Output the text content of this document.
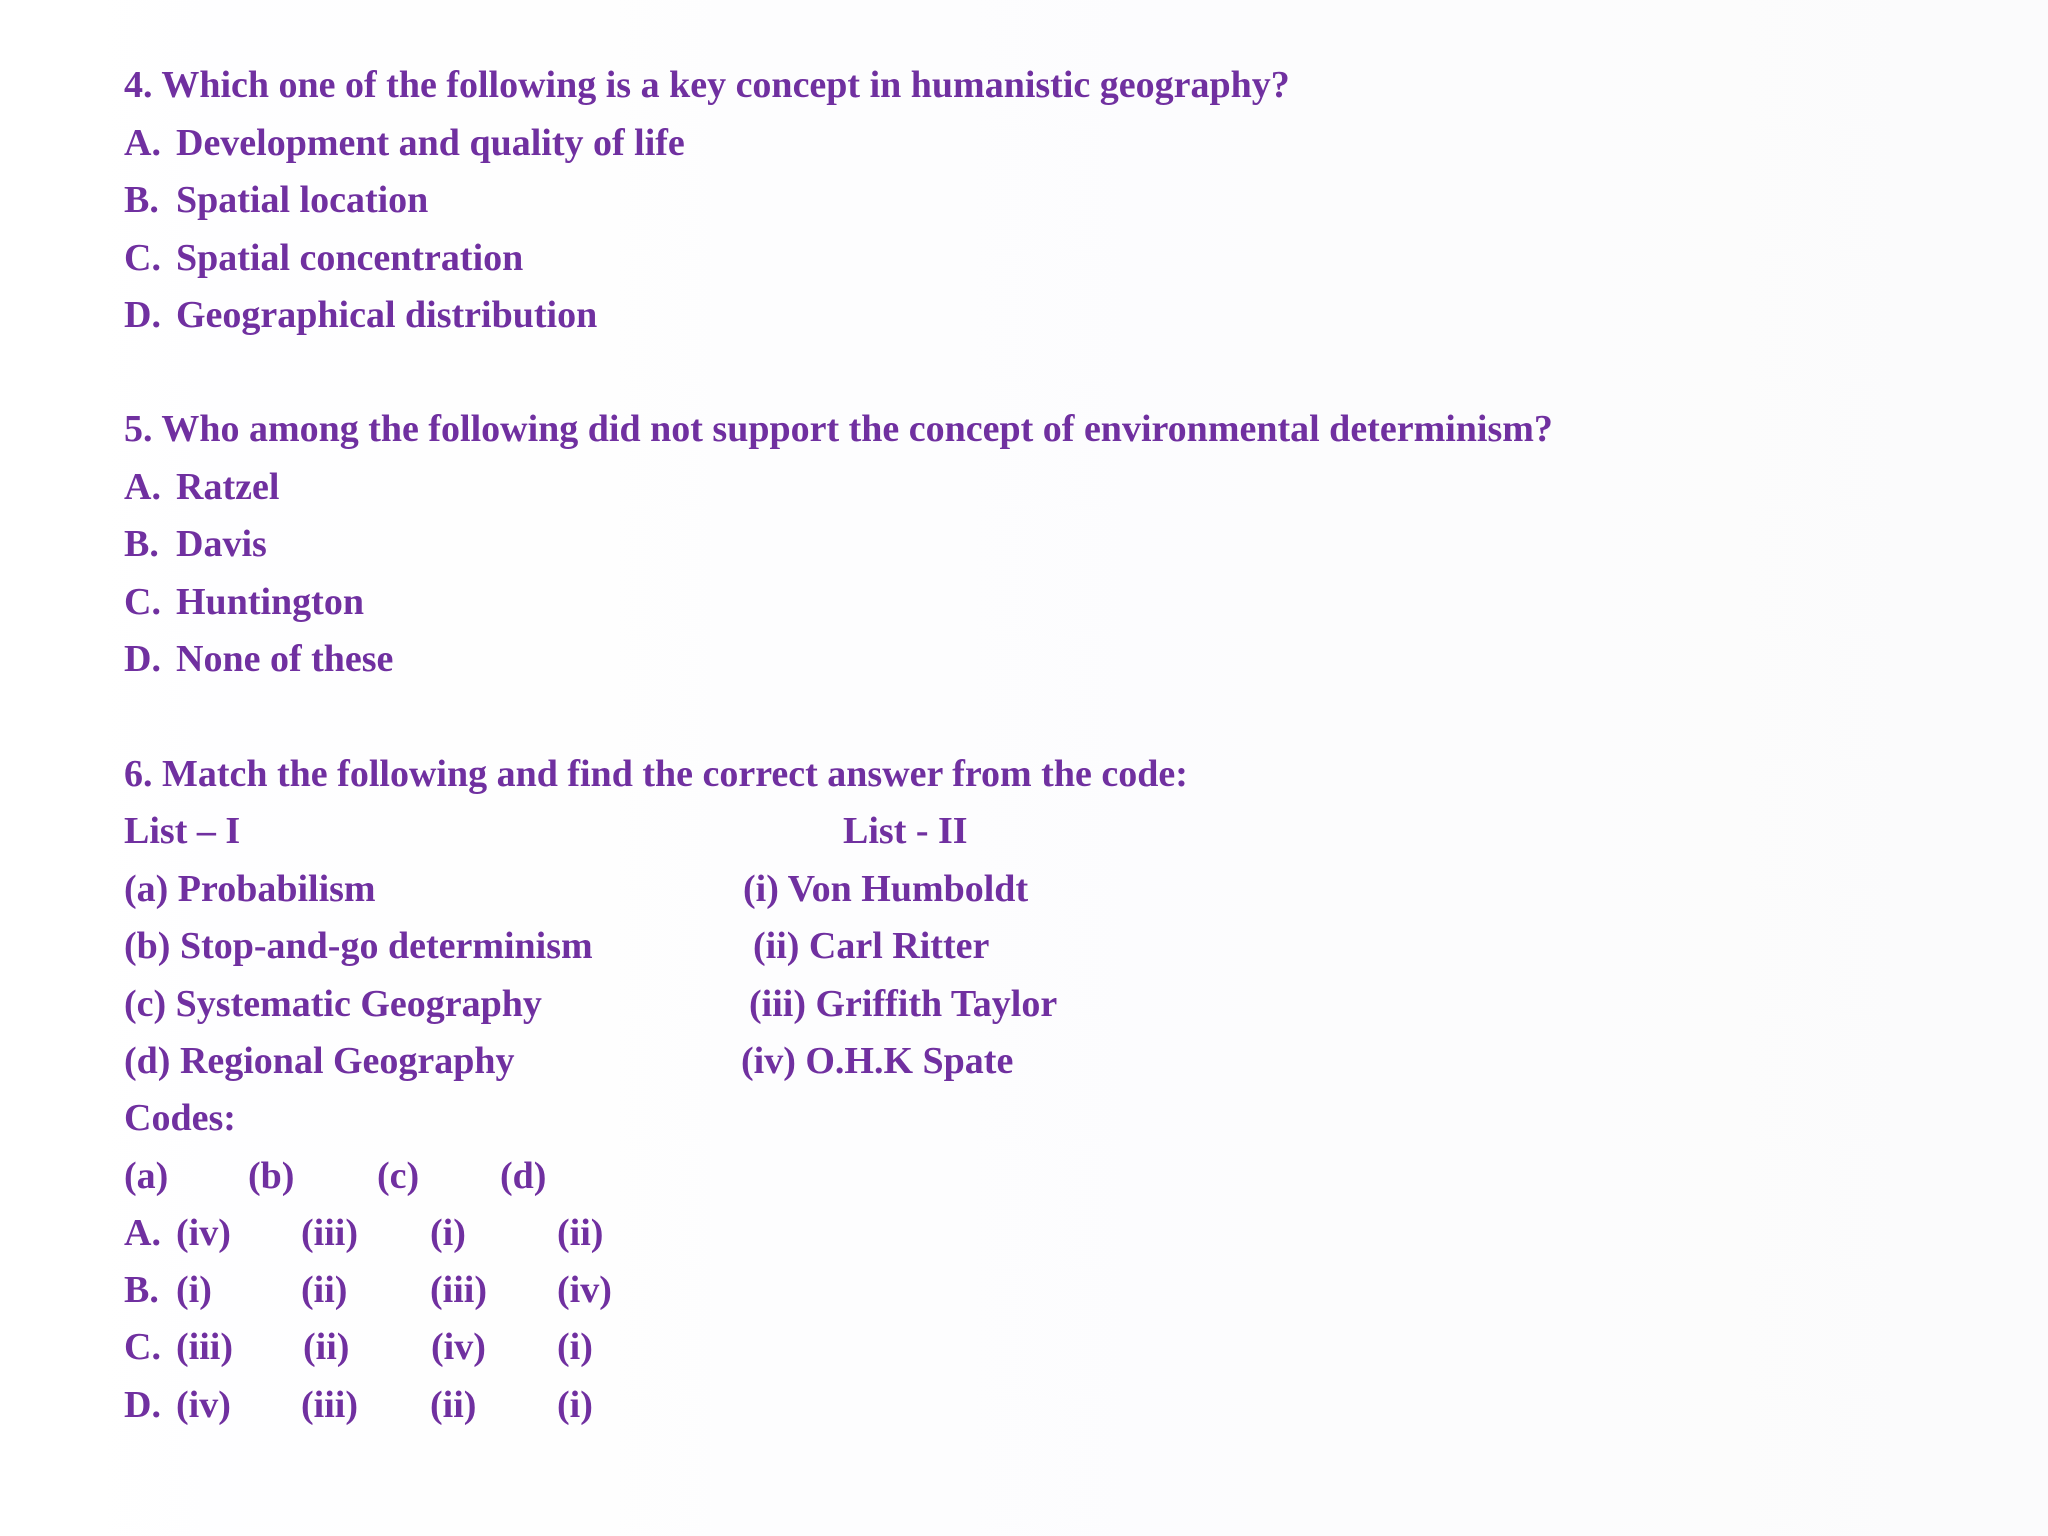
4. Which one of the following is a key concept in humanistic geography?
A. Development and quality of life
B. Spatial location
C. Spatial concentration
D. Geographical distribution
5. Who among the following did not support the concept of environmental determinism?
A. Ratzel
B. Davis
C. Huntington
D. None of these
6. Match the following and find the correct answer from the code:
List – I	List - II
(a) Probabilism	(i) Von Humboldt
(b) Stop-and-go determinism	(ii) Carl Ritter
(c) Systematic Geography	(iii) Griffith Taylor
(d) Regional Geography	(iv) O.H.K Spate
Codes:
(a) (b) (c) (d)
A. (iv) (iii) (i) (ii)
B. (i) (ii) (iii) (iv)
C. (iii) (ii) (iv) (i)
D. (iv) (iii) (ii) (i)
